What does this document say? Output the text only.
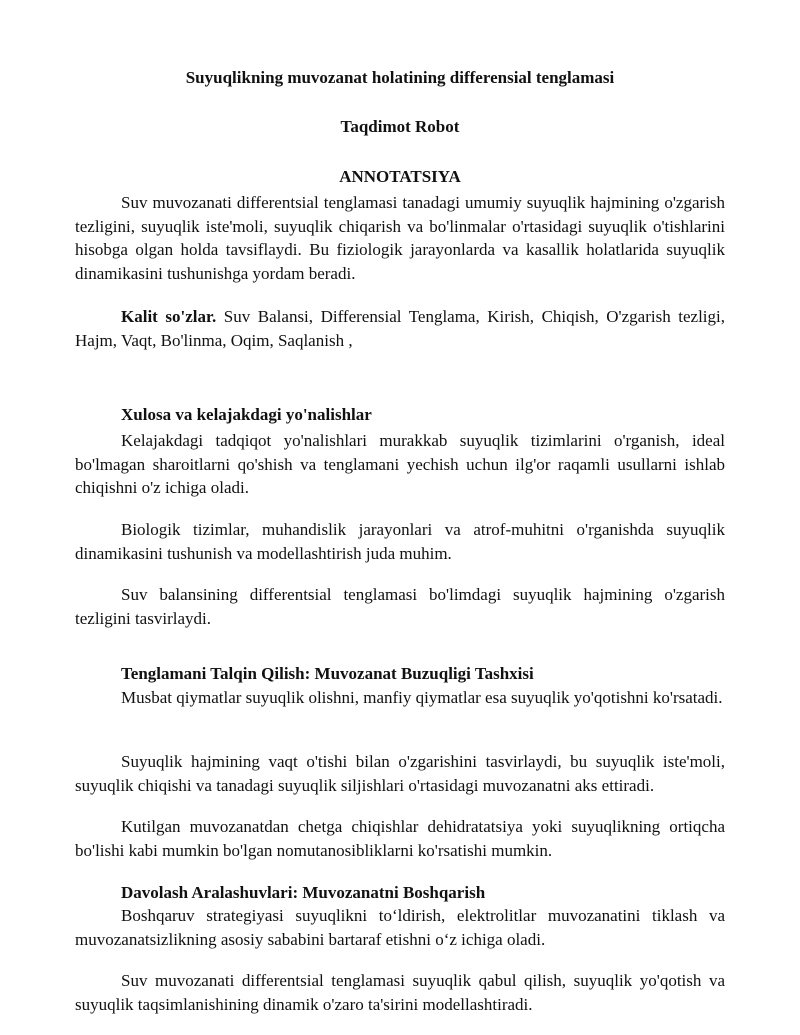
Suyuqlikning muvozanat holatining differensial tenglamasi
Taqdimot Robot
ANNOTATSIYA

Suv muvozanati differentsial tenglamasi tanadagi umumiy suyuqlik hajmining o'zgarish tezligini, suyuqlik iste'moli, suyuqlik chiqarish va bo'linmalar o'rtasidagi suyuqlik o'tishlarini hisobga olgan holda tavsiflaydi. Bu fiziologik jarayonlarda va kasallik holatlarida suyuqlik dinamikasini tushunishga yordam beradi.

Kalit so'zlar. Suv Balansi, Differensial Tenglama, Kirish, Chiqish, O'zgarish tezligi, Hajm, Vaqt, Bo'linma, Oqim, Saqlanish ,

Xulosa va kelajakdagi yo'nalishlar

Kelajakdagi tadqiqot yo'nalishlari murakkab suyuqlik tizimlarini o'rganish, ideal bo'lmagan sharoitlarni qo'shish va tenglamani yechish uchun ilg'or raqamli usullarni ishlab chiqishni o'z ichiga oladi.

Biologik tizimlar, muhandislik jarayonlari va atrof-muhitni o'rganishda suyuqlik dinamikasini tushunish va modellashtirish juda muhim.

Suv balansining differentsial tenglamasi bo'limdagi suyuqlik hajmining o'zgarish tezligini tasvirlaydi.

Tenglamani Talqin Qilish: Muvozanat Buzuqligi Tashxisi

Musbat qiymatlar suyuqlik olishni, manfiy qiymatlar esa suyuqlik yo'qotishni ko'rsatadi.

Suyuqlik hajmining vaqt o'tishi bilan o'zgarishini tasvirlaydi, bu suyuqlik iste'moli, suyuqlik chiqishi va tanadagi suyuqlik siljishlari o'rtasidagi muvozanatni aks ettiradi.

Kutilgan muvozanatdan chetga chiqishlar dehidratatsiya yoki suyuqlikning ortiqcha bo'lishi kabi mumkin bo'lgan nomutanosibliklarni ko'rsatishi mumkin.

Davolash Aralashuvlari: Muvozanatni Boshqarish

Boshqaruv strategiyasi suyuqlikni to‘ldirish, elektrolitlar muvozanatini tiklash va muvozanatsizlikning asosiy sababini bartaraf etishni o‘z ichiga oladi.

Suv muvozanati differentsial tenglamasi suyuqlik qabul qilish, suyuqlik yo'qotish va suyuqlik taqsimlanishining dinamik o'zaro ta'sirini modellashtiradi.
